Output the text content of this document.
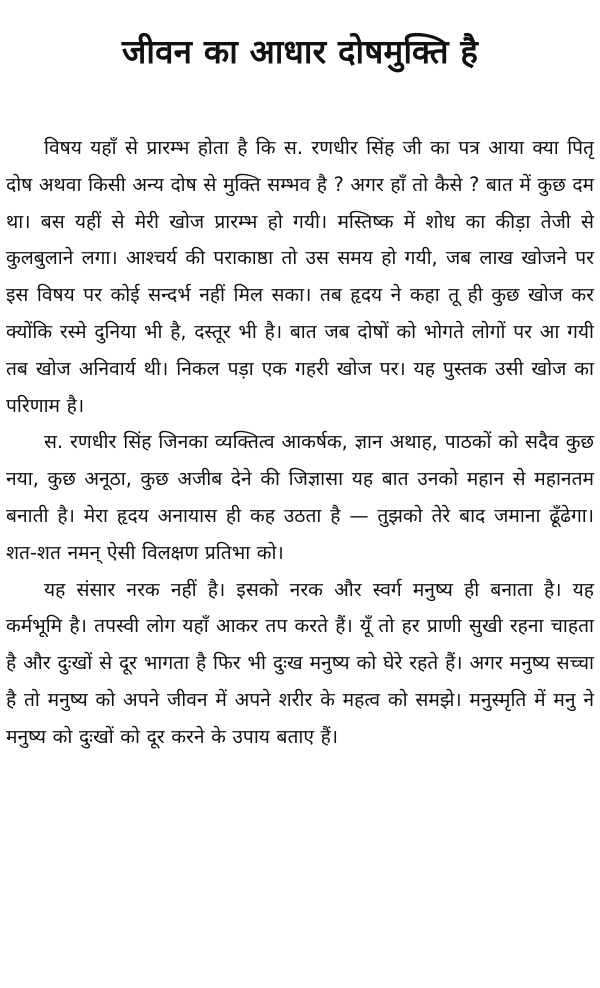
जीवन का आधार दोषमुक्ति है

विषय यहाँ से प्रारम्भ होता है कि स. रणधीर सिंह जी का पत्र आया क्या पितृ दोष अथवा किसी अन्य दोष से मुक्ति सम्भव है ? अगर हाँ तो कैसे ? बात में कुछ दम था। बस यहीं से मेरी खोज प्रारम्भ हो गयी। मस्तिष्क में शोध का कीड़ा तेजी से कुलबुलाने लगा। आश्चर्य की पराकाष्ठा तो उस समय हो गयी, जब लाख खोजने पर इस विषय पर कोई सन्दर्भ नहीं मिल सका। तब हृदय ने कहा तू ही कुछ खोज कर क्योंकि रस्मे दुनिया भी है, दस्तूर भी है। बात जब दोषों को भोगते लोगों पर आ गयी तब खोज अनिवार्य थी। निकल पड़ा एक गहरी खोज पर। यह पुस्तक उसी खोज का परिणाम है।

स. रणधीर सिंह जिनका व्यक्तित्व आकर्षक, ज्ञान अथाह, पाठकों को सदैव कुछ नया, कुछ अनूठा, कुछ अजीब देने की जिज्ञासा यह बात उनको महान से महानतम बनाती है। मेरा हृदय अनायास ही कह उठता है — तुझको तेरे बाद जमाना ढूँढेगा। शत-शत नमन् ऐसी विलक्षण प्रतिभा को।

यह संसार नरक नहीं है। इसको नरक और स्वर्ग मनुष्य ही बनाता है। यह कर्मभूमि है। तपस्वी लोग यहाँ आकर तप करते हैं। यूँ तो हर प्राणी सुखी रहना चाहता है और दुःखों से दूर भागता है फिर भी दुःख मनुष्य को घेरे रहते हैं। अगर मनुष्य सच्चा है तो मनुष्य को अपने जीवन में अपने शरीर के महत्व को समझे। मनुस्मृति में मनु ने मनुष्य को दुःखों को दूर करने के उपाय बताए हैं।
